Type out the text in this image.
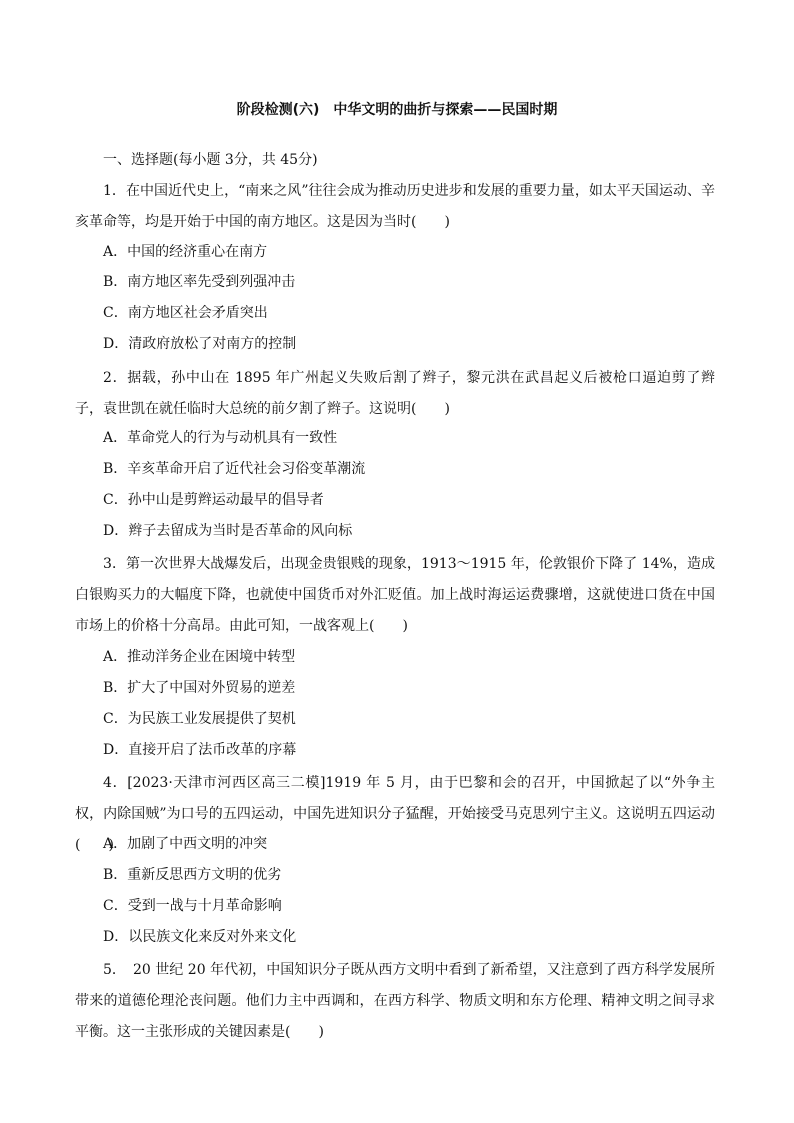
阶段检测(六)　中华文明的曲折与探索——民国时期
一、选择题(每小题 3分，共 45分)

1．在中国近代史上，“南来之风”往往会成为推动历史进步和发展的重要力量，如太平天国运动、辛亥革命等，均是开始于中国的南方地区。这是因为当时(　　)

A．中国的经济重心在南方
B．南方地区率先受到列强冲击
C．南方地区社会矛盾突出
D．清政府放松了对南方的控制

2．据载，孙中山在 1895 年广州起义失败后割了辫子，黎元洪在武昌起义后被枪口逼迫剪了辫子，袁世凯在就任临时大总统的前夕割了辫子。这说明(　　)

A．革命党人的行为与动机具有一致性
B．辛亥革命开启了近代社会习俗变革潮流
C．孙中山是剪辫运动最早的倡导者
D．辫子去留成为当时是否革命的风向标

3．第一次世界大战爆发后，出现金贵银贱的现象，1913～1915 年，伦敦银价下降了 14%，造成白银购买力的大幅度下降，也就使中国货币对外汇贬值。加上战时海运运费骤增，这就使进口货在中国市场上的价格十分高昂。由此可知，一战客观上(　　)

A．推动洋务企业在困境中转型
B．扩大了中国对外贸易的逆差
C．为民族工业发展提供了契机
D．直接开启了法币改革的序幕

4．[2023·天津市河西区高三二模]1919 年 5 月，由于巴黎和会的召开，中国掀起了以“外争主权，内除国贼”为口号的五四运动，中国先进知识分子猛醒，开始接受马克思列宁主义。这说明五四运动(　　)

A．加剧了中西文明的冲突
B．重新反思西方文明的优劣
C．受到一战与十月革命影响
D．以民族文化来反对外来文化

5．　20 世纪 20 年代初，中国知识分子既从西方文明中看到了新希望，又注意到了西方科学发展所带来的道德伦理沦丧问题。他们力主中西调和，在西方科学、物质文明和东方伦理、精神文明之间寻求平衡。这一主张形成的关键因素是(　　)
